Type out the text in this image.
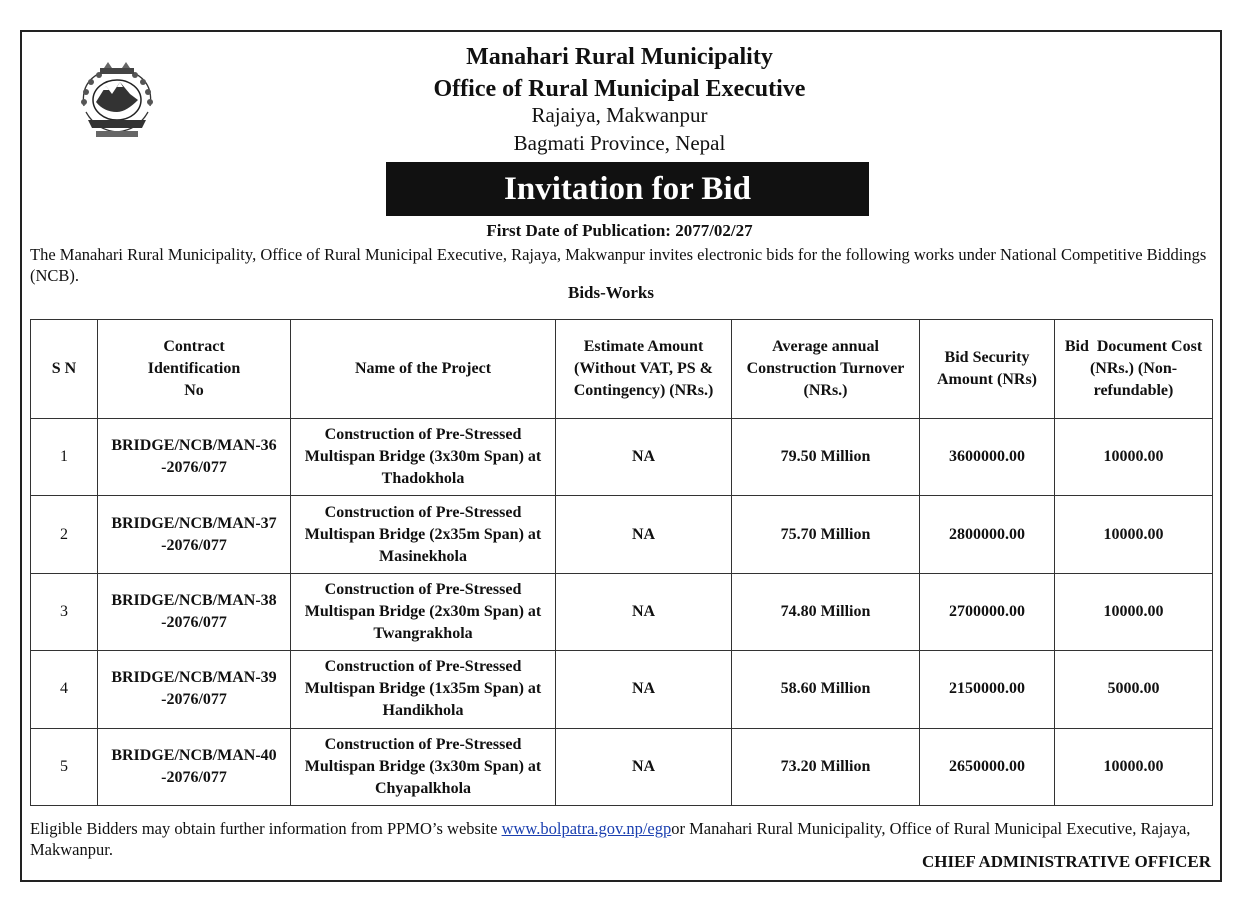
Manahari Rural Municipality
Office of Rural Municipal Executive
Rajaiya, Makwanpur
Bagmati Province, Nepal
Invitation for Bid
First Date of Publication: 2077/02/27
The Manahari Rural Municipality, Office of Rural Municipal Executive, Rajaya, Makwanpur invites electronic bids for the following works under National Competitive Biddings (NCB).
Bids-Works
S N	Contract Identification No	Name of the Project	Estimate Amount (Without VAT, PS & Contingency) (NRs.)	Average annual Construction Turnover (NRs.)	Bid Security Amount (NRs)	Bid  Document Cost (NRs.) (Non-refundable)

1	BRIDGE/NCB/MAN-36-2076/077	Construction of Pre-Stressed Multispan Bridge (3x30m Span) at Thadokhola	NA	79.50 Million	3600000.00	10000.00
2	BRIDGE/NCB/MAN-37-2076/077	Construction of Pre-Stressed Multispan Bridge (2x35m Span) at Masinekhola	NA	75.70 Million	2800000.00	10000.00
3	BRIDGE/NCB/MAN-38-2076/077	Construction of Pre-Stressed Multispan Bridge (2x30m Span) at Twangrakhola	NA	74.80 Million	2700000.00	10000.00
4	BRIDGE/NCB/MAN-39-2076/077	Construction of Pre-Stressed Multispan Bridge (1x35m Span) at Handikhola	NA	58.60 Million	2150000.00	5000.00
5	BRIDGE/NCB/MAN-40-2076/077	Construction of Pre-Stressed Multispan Bridge (3x30m Span) at Chyapalkhola	NA	73.20 Million	2650000.00	10000.00
Eligible Bidders may obtain further information from PPMO’s website www.bolpatra.gov.np/egpor Manahari Rural Municipality, Office of Rural Municipal Executive, Rajaya, Makwanpur.
CHIEF ADMINISTRATIVE OFFICER
